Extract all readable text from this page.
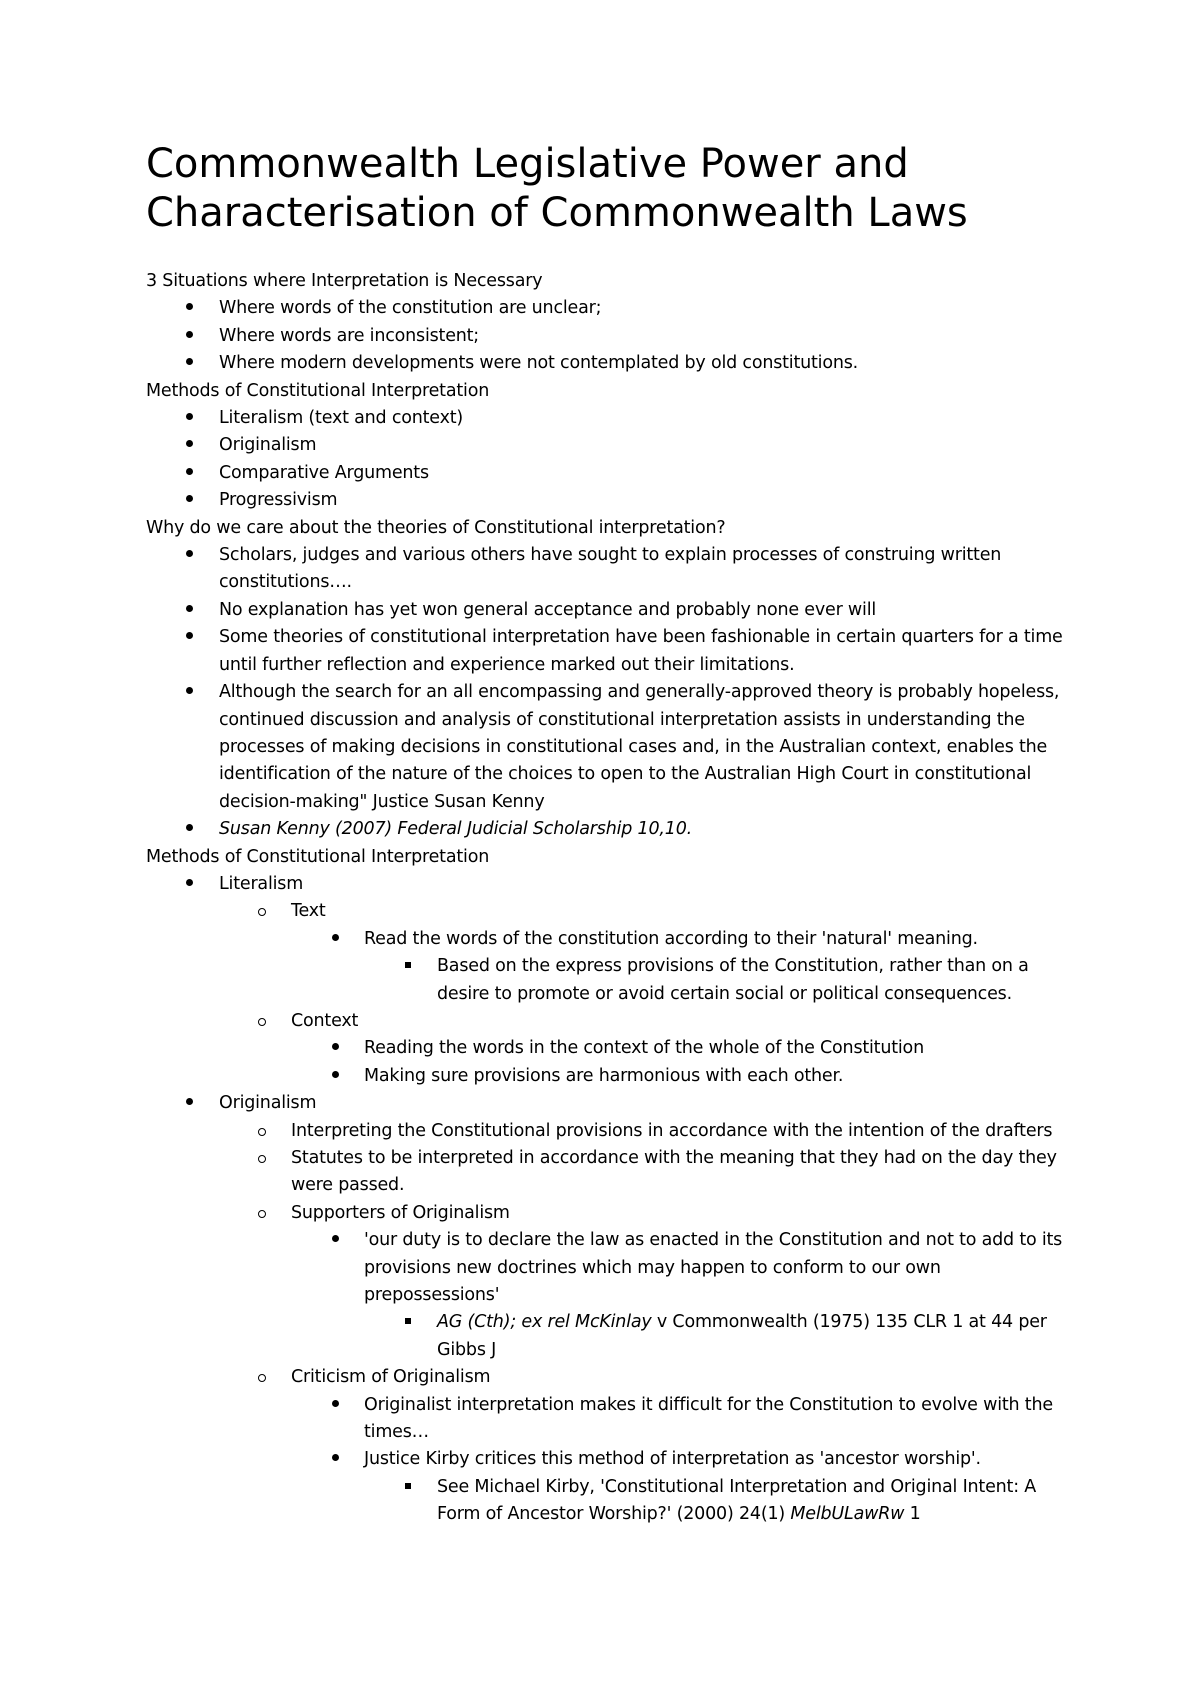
Commonwealth Legislative Power and
Characterisation of Commonwealth Laws

3 Situations where Interpretation is Necessary

Where words of the constitution are unclear;
Where words are inconsistent;
Where modern developments were not contemplated by old constitutions.

Methods of Constitutional Interpretation

Literalism (text and context)
Originalism
Comparative Arguments
Progressivism

Why do we care about the theories of Constitutional interpretation?

Scholars, judges and various others have sought to explain processes of construing written constitutions….
No explanation has yet won general acceptance and probably none ever will
Some theories of constitutional interpretation have been fashionable in certain quarters for a time until further reflection and experience marked out their limitations.
Although the search for an all encompassing and generally-approved theory is probably hopeless, continued discussion and analysis of constitutional interpretation assists in understanding the processes of making decisions in constitutional cases and, in the Australian context, enables the identification of the nature of the choices to open to the Australian High Court in constitutional decision-making" Justice Susan Kenny
Susan Kenny (2007) Federal Judicial Scholarship 10,10.

Methods of Constitutional Interpretation

Literalism
Text
Read the words of the constitution according to their 'natural' meaning.
Based on the express provisions of the Constitution, rather than on a desire to promote or avoid certain social or political consequences.
Context
Reading the words in the context of the whole of the Constitution
Making sure provisions are harmonious with each other.
Originalism
Interpreting the Constitutional provisions in accordance with the intention of the drafters
Statutes to be interpreted in accordance with the meaning that they had on the day they were passed.
Supporters of Originalism
'our duty is to declare the law as enacted in the Constitution and not to add to its provisions new doctrines which may happen to conform to our own prepossessions'
AG (Cth); ex rel McKinlay v Commonwealth (1975) 135 CLR 1 at 44 per Gibbs J
Criticism of Originalism
Originalist interpretation makes it difficult for the Constitution to evolve with the times…
Justice Kirby critices this method of interpretation as 'ancestor worship'.
See Michael Kirby, 'Constitutional Interpretation and Original Intent: A Form of Ancestor Worship?' (2000) 24(1) MelbULawRw 1
